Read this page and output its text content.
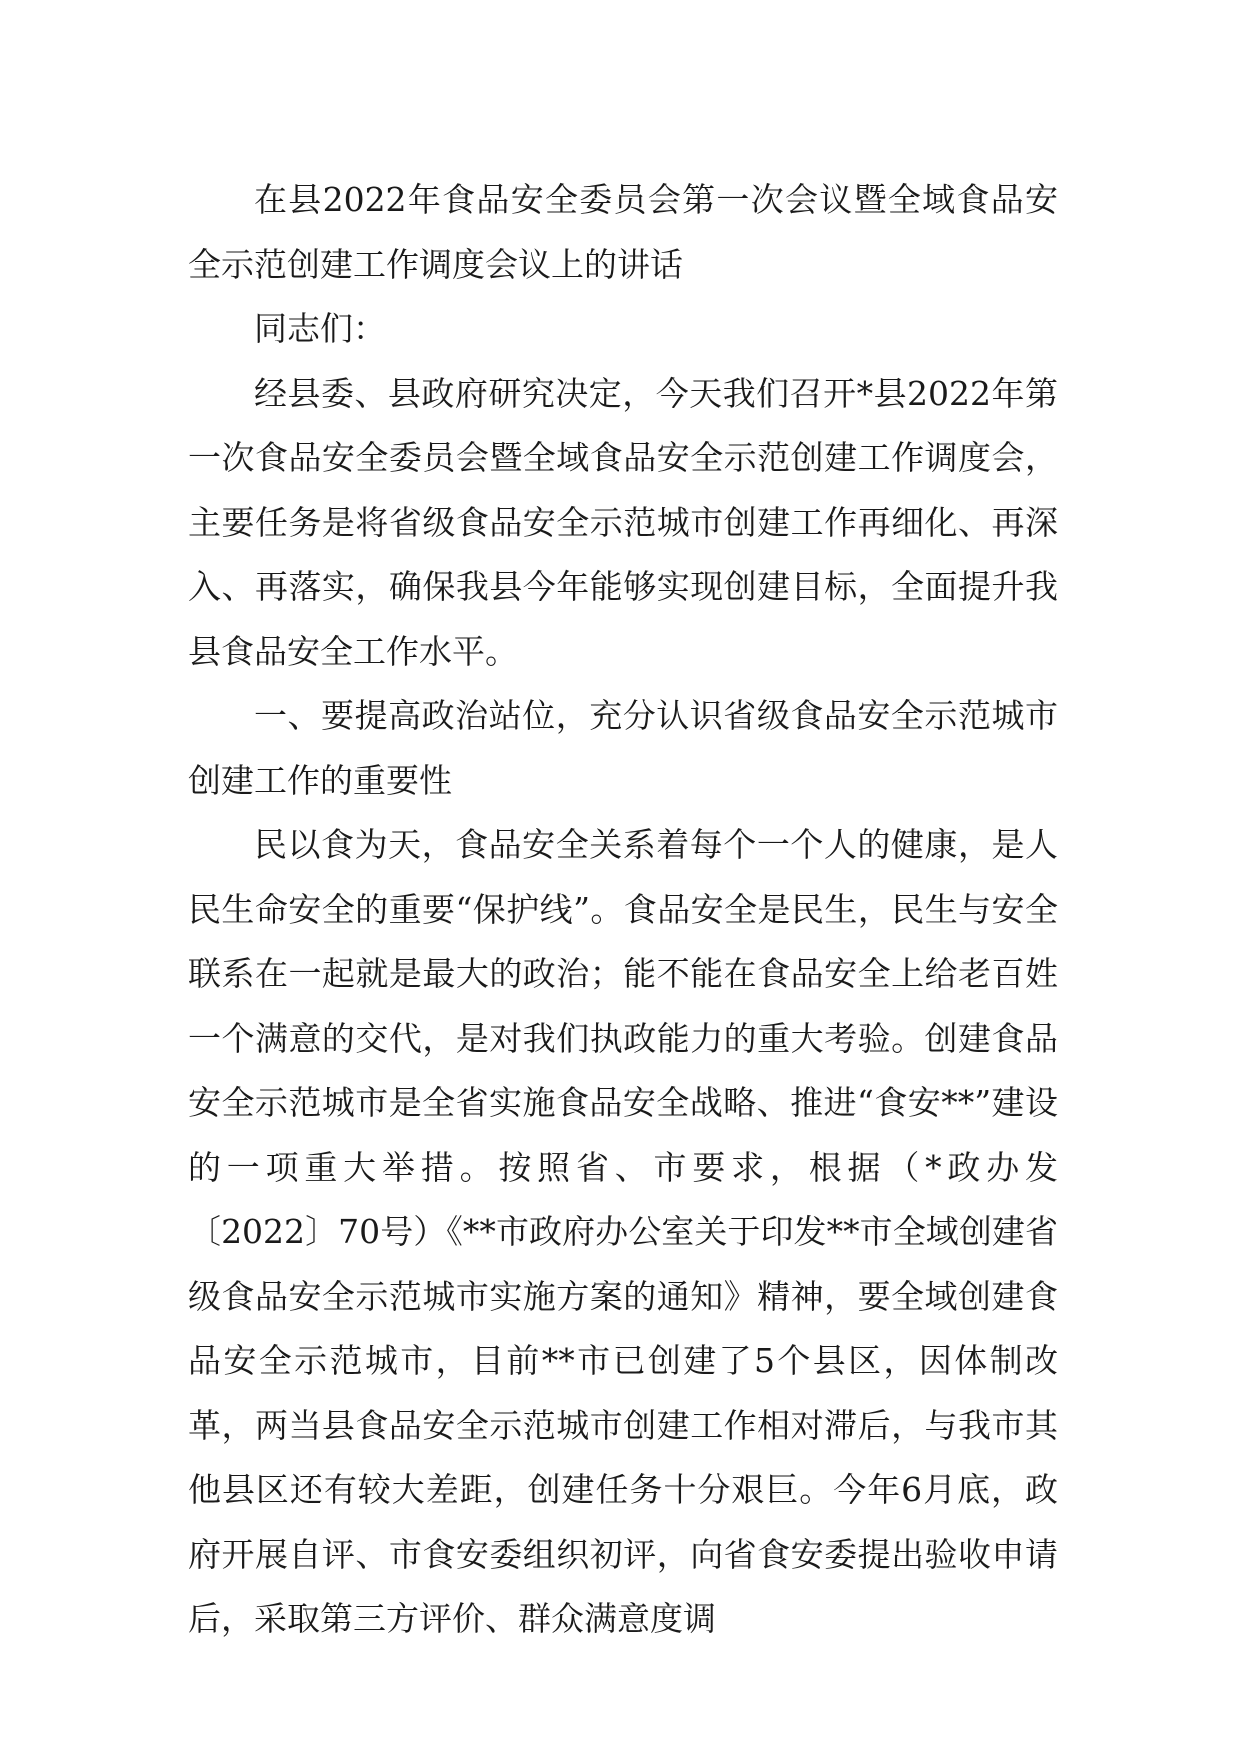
在县2022年食品安全委员会第一次会议暨全域食品安全示范创建工作调度会议上的讲话

同志们：

经县委、县政府研究决定，今天我们召开*县2022年第一次食品安全委员会暨全域食品安全示范创建工作调度会，主要任务是将省级食品安全示范城市创建工作再细化、再深入、再落实，确保我县今年能够实现创建目标，全面提升我县食品安全工作水平。

一、要提高政治站位，充分认识省级食品安全示范城市创建工作的重要性

民以食为天，食品安全关系着每个一个人的健康，是人民生命安全的重要“保护线”。食品安全是民生，民生与安全联系在一起就是最大的政治；能不能在食品安全上给老百姓一个满意的交代，是对我们执政能力的重大考验。创建食品安全示范城市是全省实施食品安全战略、推进“食安**”建设的一项重大举措。按照省、市要求，根据（*政办发〔2022〕70号）《**市政府办公室关于印发**市全域创建省级食品安全示范城市实施方案的通知》精神，要全域创建食品安全示范城市，目前**市已创建了5个县区，因体制改革，两当县食品安全示范城市创建工作相对滞后，与我市其他县区还有较大差距，创建任务十分艰巨。今年6月底，政府开展自评、市食安委组织初评，向省食安委提出验收申请后，采取第三方评价、群众满意度调
